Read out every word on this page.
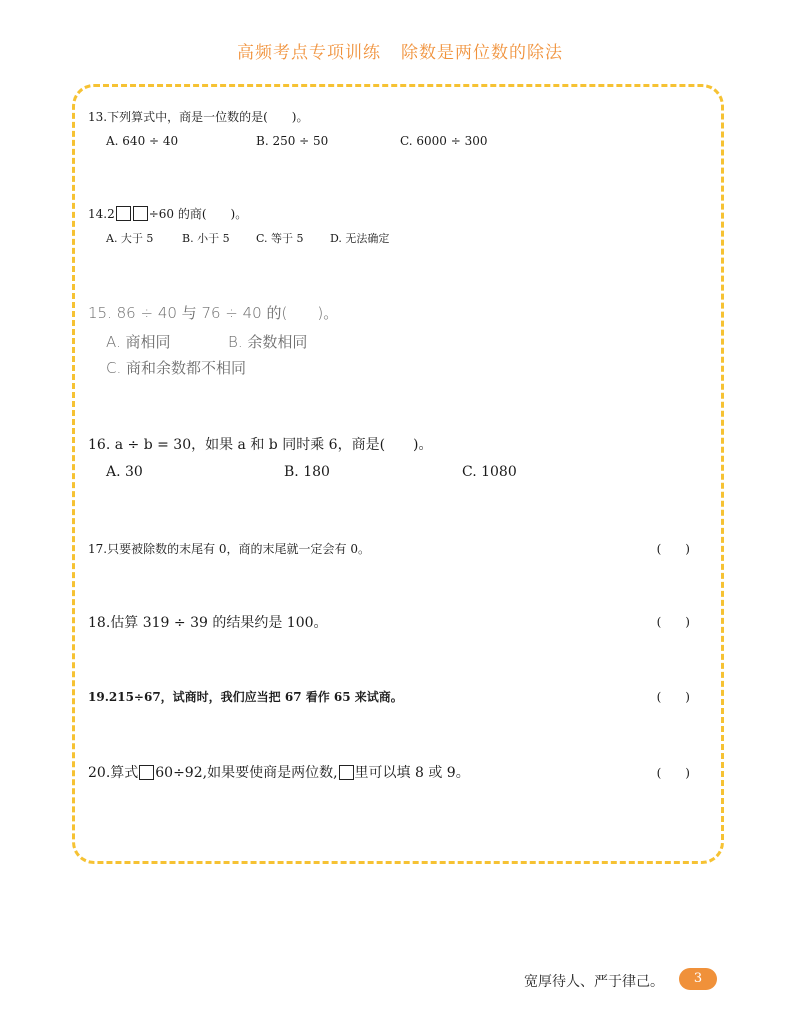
高频考点专项训练 除数是两位数的除法
13.下列算式中，商是一位数的是(　　)。
A. 640 ÷ 40	B. 250 ÷ 50	C. 6000 ÷ 300
14.2	÷60 的商(　　)。
A. 大于 5	B. 小于 5 C. 等于 5 D. 无法确定
15. 86 ÷ 40 与 76 ÷ 40 的(　　)。
A. 商相同	B. 余数相同
C. 商和余数都不相同
16. a ÷ b = 30，如果 a 和 b 同时乘 6，商是(　　)。
A. 30	B. 180	C. 1080
17.只要被除数的末尾有 0，商的末尾就一定会有 0。	(　　)
18.估算 319 ÷ 39 的结果约是 100。	(　　)
19.215÷67，试商时，我们应当把 67 看作 65 来试商。	(　　)
20.算式 60÷92,如果要使商是两位数, 里可以填 8 或 9。	(　　)
宽厚待人、严于律己。	3
